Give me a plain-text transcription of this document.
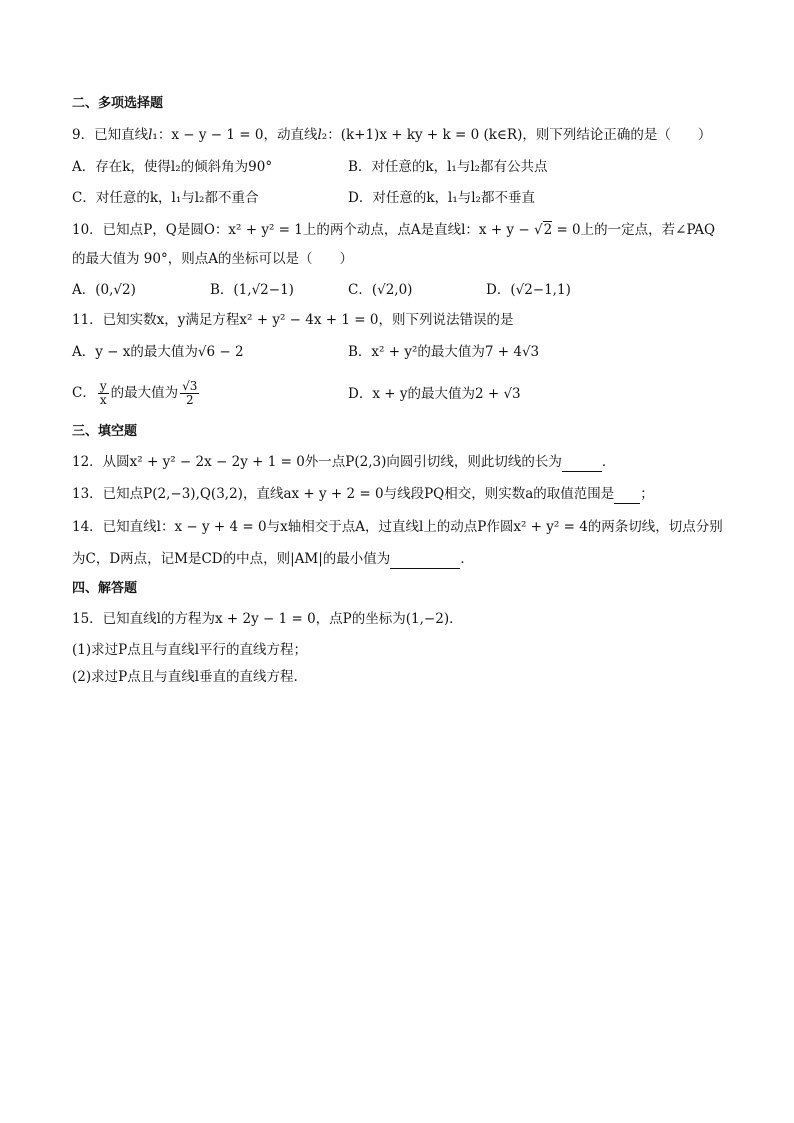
二、多项选择题
9．已知直线l₁：x − y − 1 = 0，动直线l₂：(k+1)x + ky + k = 0 (k∈R)，则下列结论正确的是（　　）
A．存在k，使得l₂的倾斜角为90°	B．对任意的k，l₁与l₂都有公共点
C．对任意的k，l₁与l₂都不重合	D．对任意的k，l₁与l₂都不垂直
10．已知点P，Q是圆O：x² + y² = 1上的两个动点，点A是直线l：x + y − √2 = 0上的一定点，若∠PAQ
的最大值为 90°，则点A的坐标可以是（　　）
A．(0,√2)	B．(1,√2−1)	C．(√2,0)	D．(√2−1,1)
11．已知实数x，y满足方程x² + y² − 4x + 1 = 0，则下列说法错误的是
A．y − x的最大值为√6 − 2	B．x² + y²的最大值为7 + 4√3
C． $\frac{y}{x}$ 的最大值为 $\frac{√3}{2}$	D．x + y的最大值为2 + √3
三、填空题
12．从圆x² + y² − 2x − 2y + 1 = 0外一点P(2,3)向圆引切线，则此切线的长为	．
13．已知点P(2,−3),Q(3,2)，直线ax + y + 2 = 0与线段PQ相交，则实数a的取值范围是 ；
14．已知直线l：x − y + 4 = 0与x轴相交于点A，过直线l上的动点P作圆x² + y² = 4的两条切线，切点分别
为C，D两点，记M是CD的中点，则|AM|的最小值为	．
四、解答题
15．已知直线l的方程为x + 2y − 1 = 0，点P的坐标为(1,−2)．
(1)求过P点且与直线l平行的直线方程；
(2)求过P点且与直线l垂直的直线方程.
